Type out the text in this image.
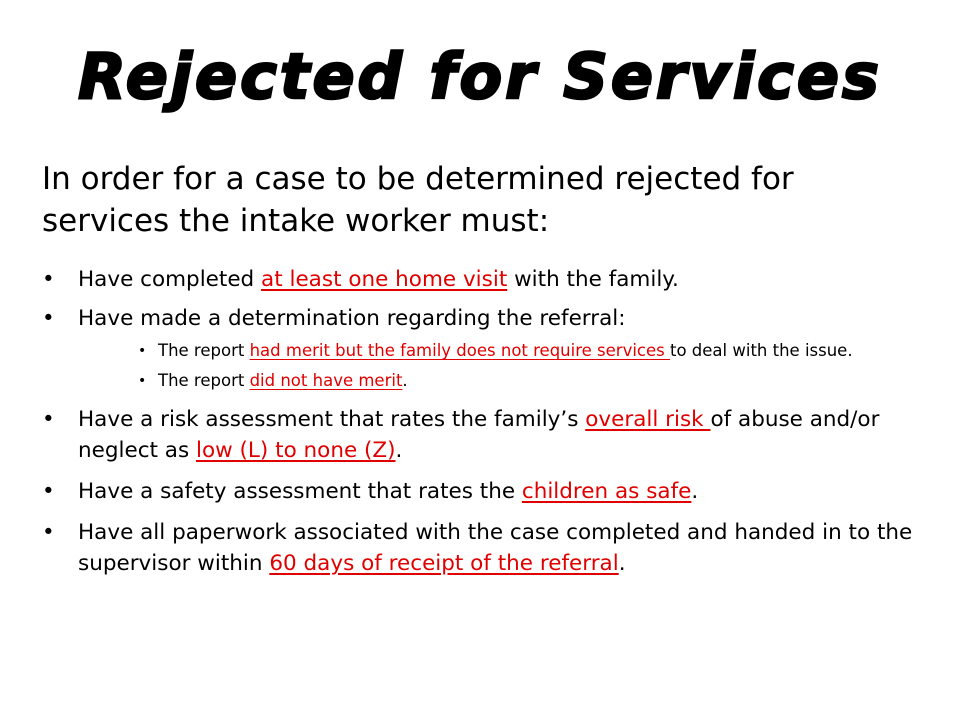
Rejected for Services

In order for a case to be determined rejected for services the intake worker must:

• Have completed at least one home visit with the family.
• Have made a determination regarding the referral:
• The report had merit but the family does not require services to deal with the issue.
• The report did not have merit.
• Have a risk assessment that rates the family’s overall risk of abuse and/or neglect as low (L) to none (Z).
• Have a safety assessment that rates the children as safe.
• Have all paperwork associated with the case completed and handed in to the supervisor within 60 days of receipt of the referral.
